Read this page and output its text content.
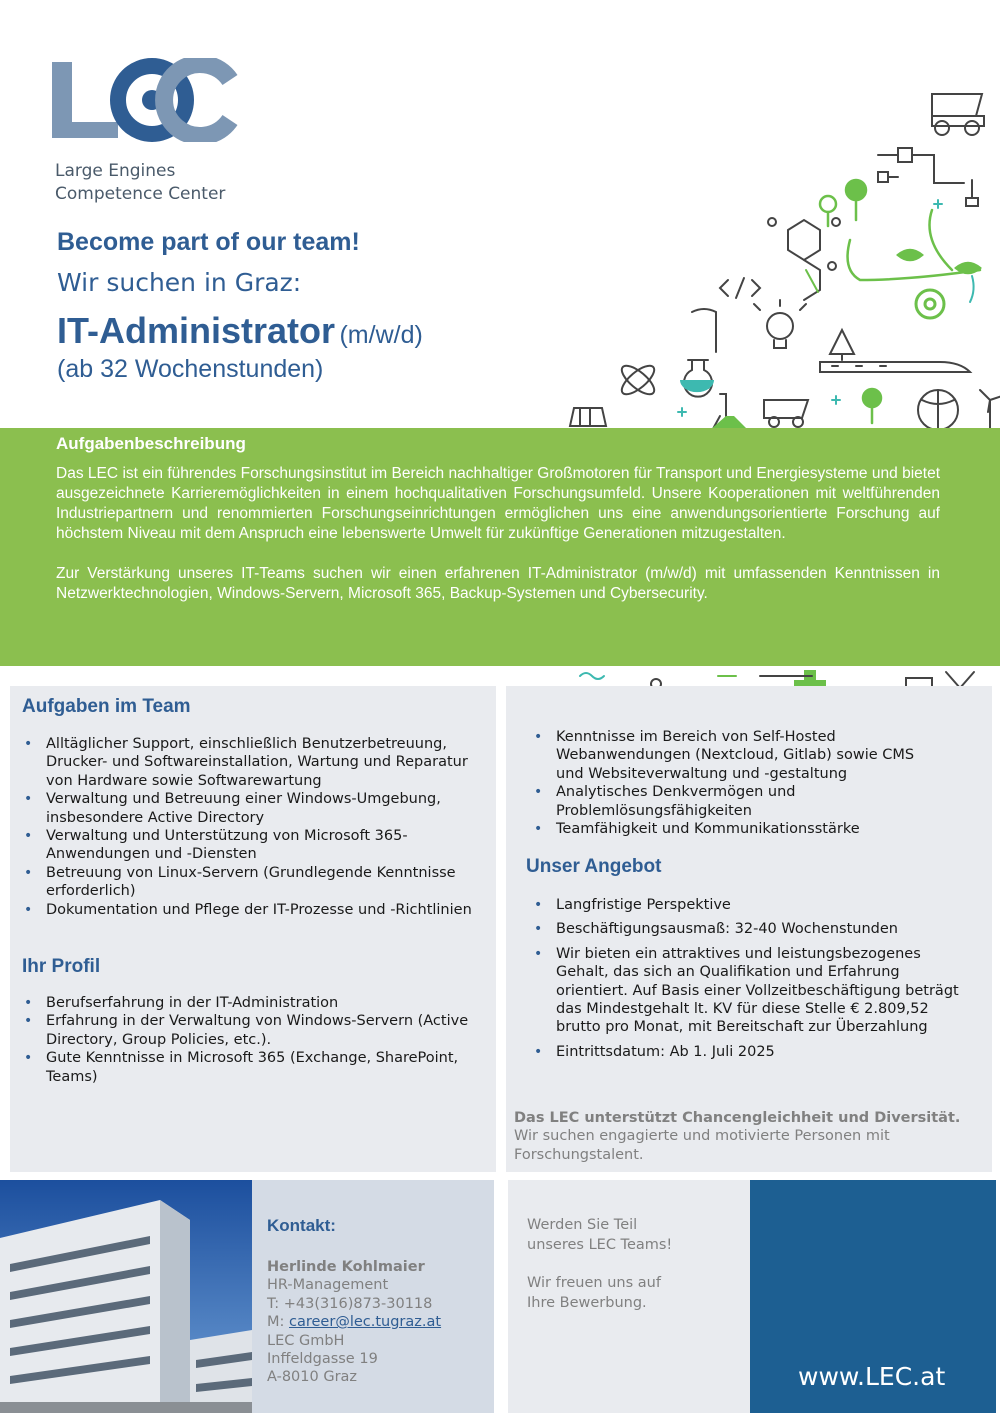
Large Engines
Competence Center
Become part of our team!
Wir suchen in Graz:
IT-Administrator (m/w/d)
(ab 32 Wochenstunden)
Aufgabenbeschreibung

Das LEC ist ein führendes Forschungsinstitut im Bereich nachhaltiger Großmotoren für Transport und Energiesysteme und bietet ausgezeichnete Karrieremöglichkeiten in einem hochqualitativen Forschungsumfeld. Unsere Kooperationen mit weltführenden Industriepartnern und renommierten Forschungseinrichtungen ermöglichen uns eine anwendungsorientierte Forschung auf höchstem Niveau mit dem Anspruch eine lebenswerte Umwelt für zukünftige Generationen mitzugestalten.

Zur Verstärkung unseres IT-Teams suchen wir einen erfahrenen IT-Administrator (m/w/d) mit umfassenden Kenntnissen in Netzwerktechnologien, Windows-Servern, Microsoft 365, Backup-Systemen und Cybersecurity.

Aufgaben im Team
• Alltäglicher Support, einschließlich Benutzerbetreuung, Drucker- und Softwareinstallation, Wartung und Reparatur von Hardware sowie Softwarewartung
• Verwaltung und Betreuung einer Windows-Umgebung, insbesondere Active Directory
• Verwaltung und Unterstützung von Microsoft 365-Anwendungen und -Diensten
• Betreuung von Linux-Servern (Grundlegende Kenntnisse erforderlich)
• Dokumentation und Pflege der IT-Prozesse und -Richtlinien
Ihr Profil
• Berufserfahrung in der IT-Administration
• Erfahrung in der Verwaltung von Windows-Servern (Active Directory, Group Policies, etc.).
• Gute Kenntnisse in Microsoft 365 (Exchange, SharePoint, Teams)
• Kenntnisse im Bereich von Self-Hosted Webanwendungen (Nextcloud, Gitlab) sowie CMS und Websiteverwaltung und -gestaltung
• Analytisches Denkvermögen und Problemlösungsfähigkeiten
• Teamfähigkeit und Kommunikationsstärke
Unser Angebot
• Langfristige Perspektive
• Beschäftigungsausmaß: 32-40 Wochenstunden
• Wir bieten ein attraktives und leistungsbezogenes Gehalt, das sich an Qualifikation und Erfahrung orientiert. Auf Basis einer Vollzeitbeschäftigung beträgt das Mindestgehalt lt. KV für diese Stelle € 2.809,52 brutto pro Monat, mit Bereitschaft zur Überzahlung
• Eintrittsdatum: Ab 1. Juli 2025
Das LEC unterstützt Chancengleichheit und Diversität.
Wir suchen engagierte und motivierte Personen mit Forschungstalent.
Kontakt:
Herlinde Kohlmaier
HR-Management
T: +43(316)873-30118
M: career@lec.tugraz.at
LEC GmbH
Inffeldgasse 19
A-8010 Graz
Werden Sie Teil
unseres LEC Teams!
Wir freuen uns auf
Ihre Bewerbung.
www.LEC.at
